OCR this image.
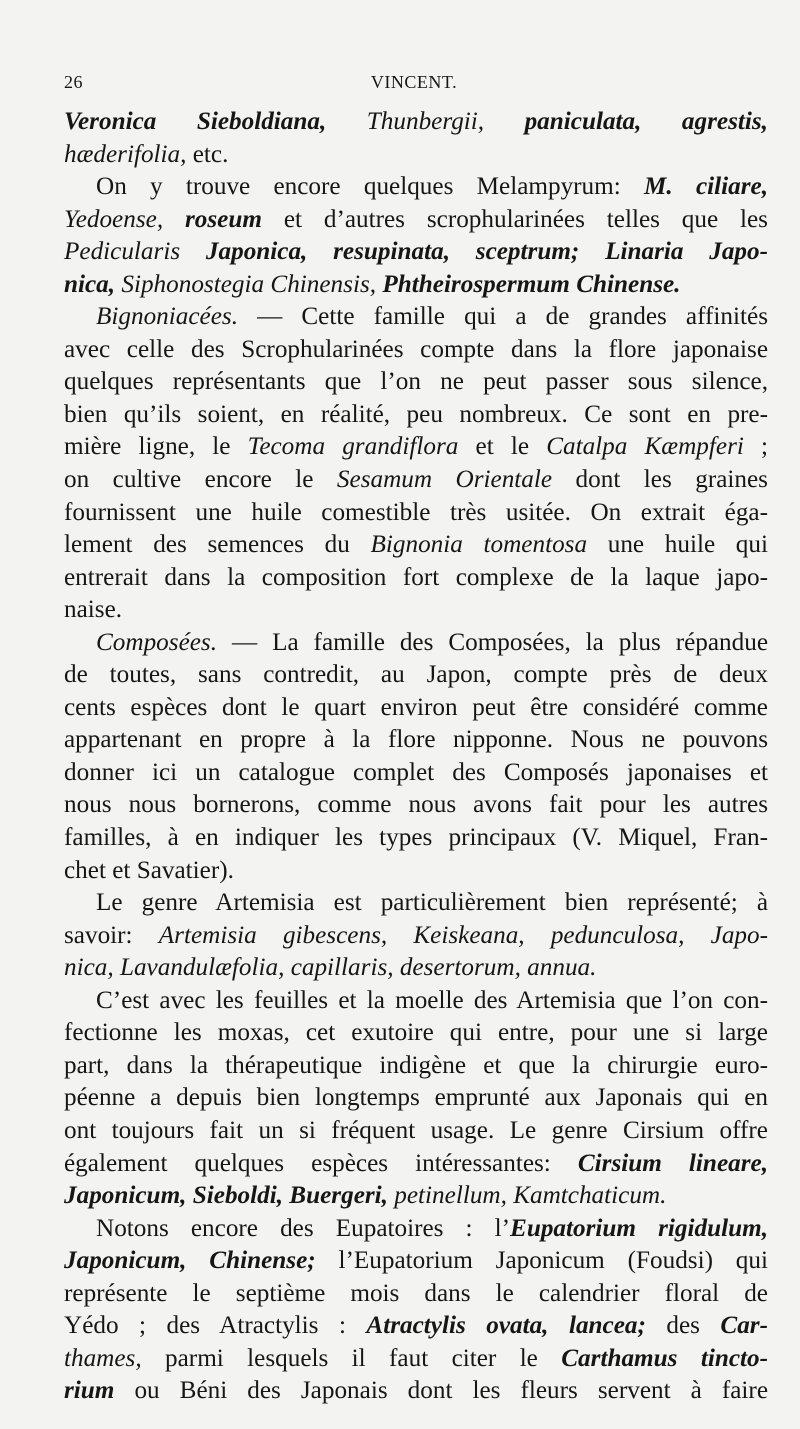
26	VINCENT.
Veronica Sieboldiana, Thunbergii, paniculata, agrestis,
hæderifolia, etc.
On y trouve encore quelques Melampyrum: M. ciliare,
Yedoense, roseum et d’autres scrophularinées telles que les
Pedicularis Japonica, resupinata, sceptrum; Linaria Japo-
nica, Siphonostegia Chinensis, Phtheirospermum Chinense.
Bignoniacées. — Cette famille qui a de grandes affinités
avec celle des Scrophularinées compte dans la flore japonaise
quelques représentants que l’on ne peut passer sous silence,
bien qu’ils soient, en réalité, peu nombreux. Ce sont en pre-
mière ligne, le Tecoma grandiflora et le Catalpa Kæmpferi ;
on cultive encore le Sesamum Orientale dont les graines
fournissent une huile comestible très usitée. On extrait éga-
lement des semences du Bignonia tomentosa une huile qui
entrerait dans la composition fort complexe de la laque japo-
naise.
Composées. — La famille des Composées, la plus répandue
de toutes, sans contredit, au Japon, compte près de deux
cents espèces dont le quart environ peut être considéré comme
appartenant en propre à la flore nipponne. Nous ne pouvons
donner ici un catalogue complet des Composés japonaises et
nous nous bornerons, comme nous avons fait pour les autres
familles, à en indiquer les types principaux (V. Miquel, Fran-
chet et Savatier).
Le genre Artemisia est particulièrement bien représenté; à
savoir: Artemisia gibescens, Keiskeana, pedunculosa, Japo-
nica, Lavandulæfolia, capillaris, desertorum, annua.
C’est avec les feuilles et la moelle des Artemisia que l’on con-
fectionne les moxas, cet exutoire qui entre, pour une si large
part, dans la thérapeutique indigène et que la chirurgie euro-
péenne a depuis bien longtemps emprunté aux Japonais qui en
ont toujours fait un si fréquent usage. Le genre Cirsium offre
également quelques espèces intéressantes: Cirsium lineare,
Japonicum, Sieboldi, Buergeri, petinellum, Kamtchaticum.
Notons encore des Eupatoires : l’Eupatorium rigidulum,
Japonicum, Chinense; l’Eupatorium Japonicum (Foudsi) qui
représente le septième mois dans le calendrier floral de
Yédo ; des Atractylis : Atractylis ovata, lancea; des Car-
thames, parmi lesquels il faut citer le Carthamus tincto-
rium ou Béni des Japonais dont les fleurs servent à faire
